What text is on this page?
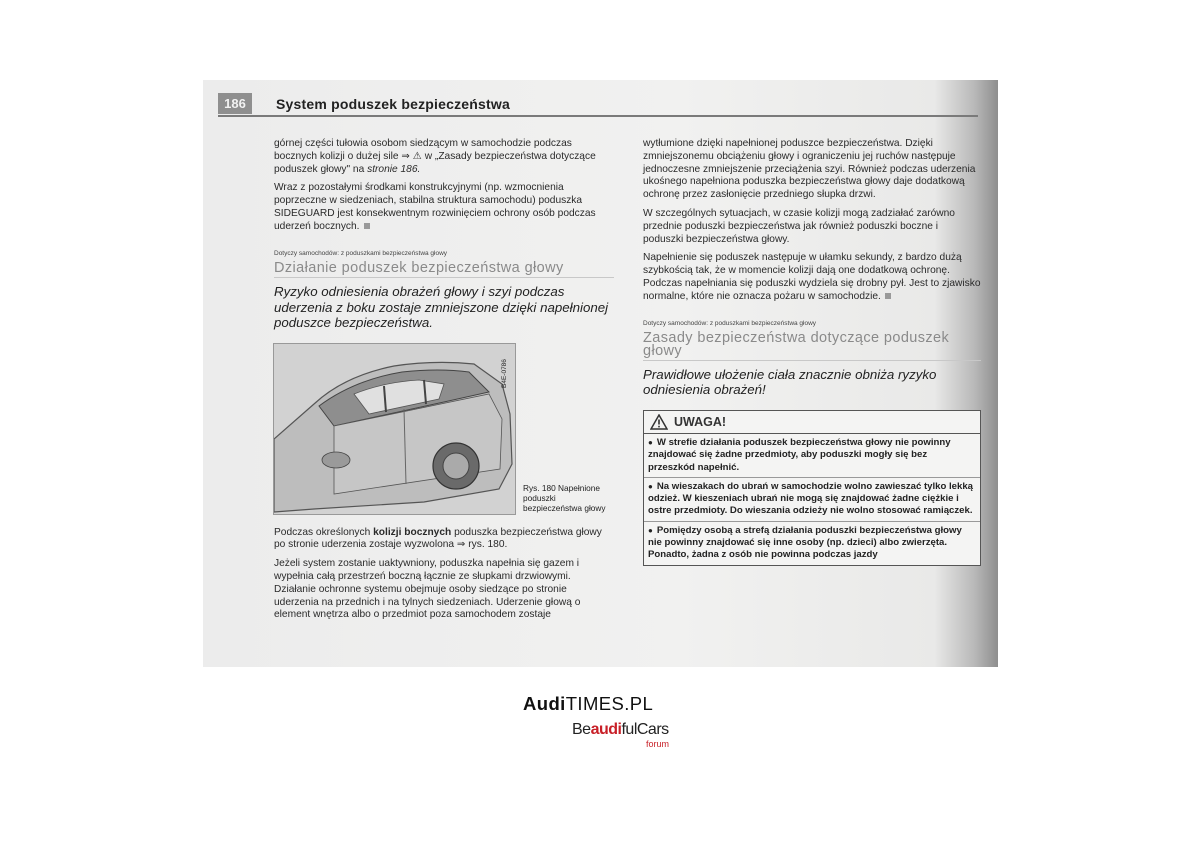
186	System poduszek bezpieczeństwa

górnej części tułowia osobom siedzącym w samochodzie podczas bocznych kolizji o dużej sile ⇒ ⚠ w „Zasady bezpieczeństwa dotyczące poduszek głowy" na stronie 186.

Wraz z pozostałymi środkami konstrukcyjnymi (np. wzmocnienia poprzeczne w siedzeniach, stabilna struktura samochodu) poduszka SIDEGUARD jest konsekwentnym rozwinięciem ochrony osób podczas uderzeń bocznych.

Dotyczy samochodów: z poduszkami bezpieczeństwa głowy
Działanie poduszek bezpieczeństwa głowy
Ryzyko odniesienia obrażeń głowy i szyi podczas uderzenia z boku zostaje zmniejszone dzięki napełnionej poduszce bezpieczeństwa.
B4E-0786
Rys. 180 Napełnione poduszki bezpieczeństwa głowy

Podczas określonych kolizji bocznych poduszka bezpieczeństwa głowy po stronie uderzenia zostaje wyzwolona ⇒ rys. 180.

Jeżeli system zostanie uaktywniony, poduszka napełnia się gazem i wypełnia całą przestrzeń boczną łącznie ze słupkami drzwiowymi. Działanie ochronne systemu obejmuje osoby siedzące po stronie uderzenia na przednich i na tylnych siedzeniach. Uderzenie głową o element wnętrza albo o przedmiot poza samochodem zostaje

wytłumione dzięki napełnionej poduszce bezpieczeństwa. Dzięki zmniejszonemu obciążeniu głowy i ograniczeniu jej ruchów następuje jednoczesne zmniejszenie przeciążenia szyi. Również podczas uderzenia ukośnego napełniona poduszka bezpieczeństwa głowy daje dodatkową ochronę przez zasłonięcie przedniego słupka drzwi.

W szczególnych sytuacjach, w czasie kolizji mogą zadziałać zarówno przednie poduszki bezpieczeństwa jak również poduszki boczne i poduszki bezpieczeństwa głowy.

Napełnienie się poduszek następuje w ułamku sekundy, z bardzo dużą szybkością tak, że w momencie kolizji dają one dodatkową ochronę. Podczas napełniania się poduszki wydziela się drobny pył. Jest to zjawisko normalne, które nie oznacza pożaru w samochodzie.

Dotyczy samochodów: z poduszkami bezpieczeństwa głowy
Zasady bezpieczeństwa dotyczące poduszek głowy
Prawidłowe ułożenie ciała znacznie obniża ryzyko odniesienia obrażeń!
UWAGA!
● W strefie działania poduszek bezpieczeństwa głowy nie powinny znajdować się żadne przedmioty, aby poduszki mogły się bez przeszkód napełnić.
● Na wieszakach do ubrań w samochodzie wolno zawieszać tylko lekką odzież. W kieszeniach ubrań nie mogą się znajdować żadne ciężkie i ostre przedmioty. Do wieszania odzieży nie wolno stosować ramiączek.
● Pomiędzy osobą a strefą działania poduszki bezpieczeństwa głowy nie powinny znajdować się inne osoby (np. dzieci) albo zwierzęta. Ponadto, żadna z osób nie powinna podczas jazdy
AudiTIMES.PL
BeaudifulCars
forum
